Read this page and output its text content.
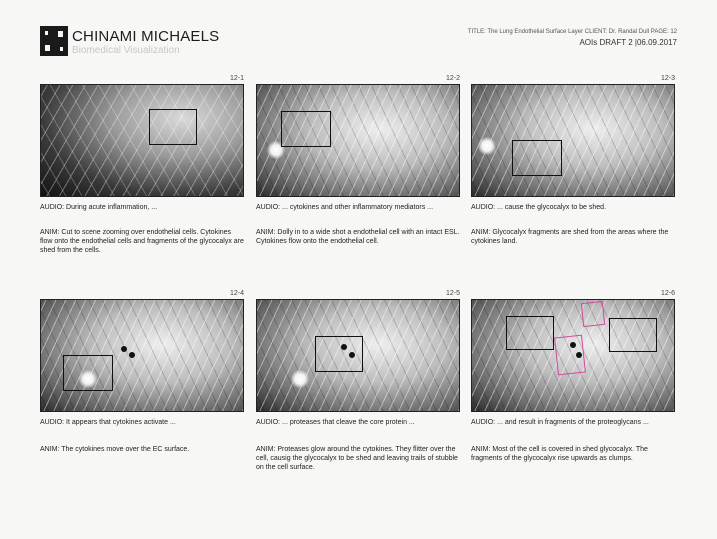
CHINAMI MICHAELS
Biomedical Visualization
TITLE: The Lung Endothelial Surface Layer CLIENT: Dr. Randal Dull PAGE: 12
AOIs DRAFT 2 |06.09.2017
12-1
AUDIO: During acute inflammation, ...
ANIM: Cut to scene zooming over endothelial cells. Cytokines flow onto the endothelial cells and fragments of the glycocalyx are shed from the cells.
12-2
AUDIO: ... cytokines and other inflammatory mediators ...
ANIM: Dolly in to a wide shot a endothelial cell with an intact ESL. Cytokines flow onto the endothelial cell.
12-3
AUDIO: ... cause the glycocalyx to be shed.
ANIM: Glycocalyx fragments are shed from the areas where the cytokines land.
12-4
AUDIO: It appears that cytokines activate ...
ANIM: The cytokines move over the EC surface.
12-5
AUDIO: ... proteases that cleave the core protein ...
ANIM: Proteases glow around the cytokines. They flitter over the cell, causig the glycocalyx to be shed and leaving trails of stubble on the cell surface.
12-6
AUDIO: ... and result in fragments of the proteoglycans ...
ANIM: Most of the cell is covered in shed glycocalyx. The fragments of the glycocalyx rise upwards as clumps.
